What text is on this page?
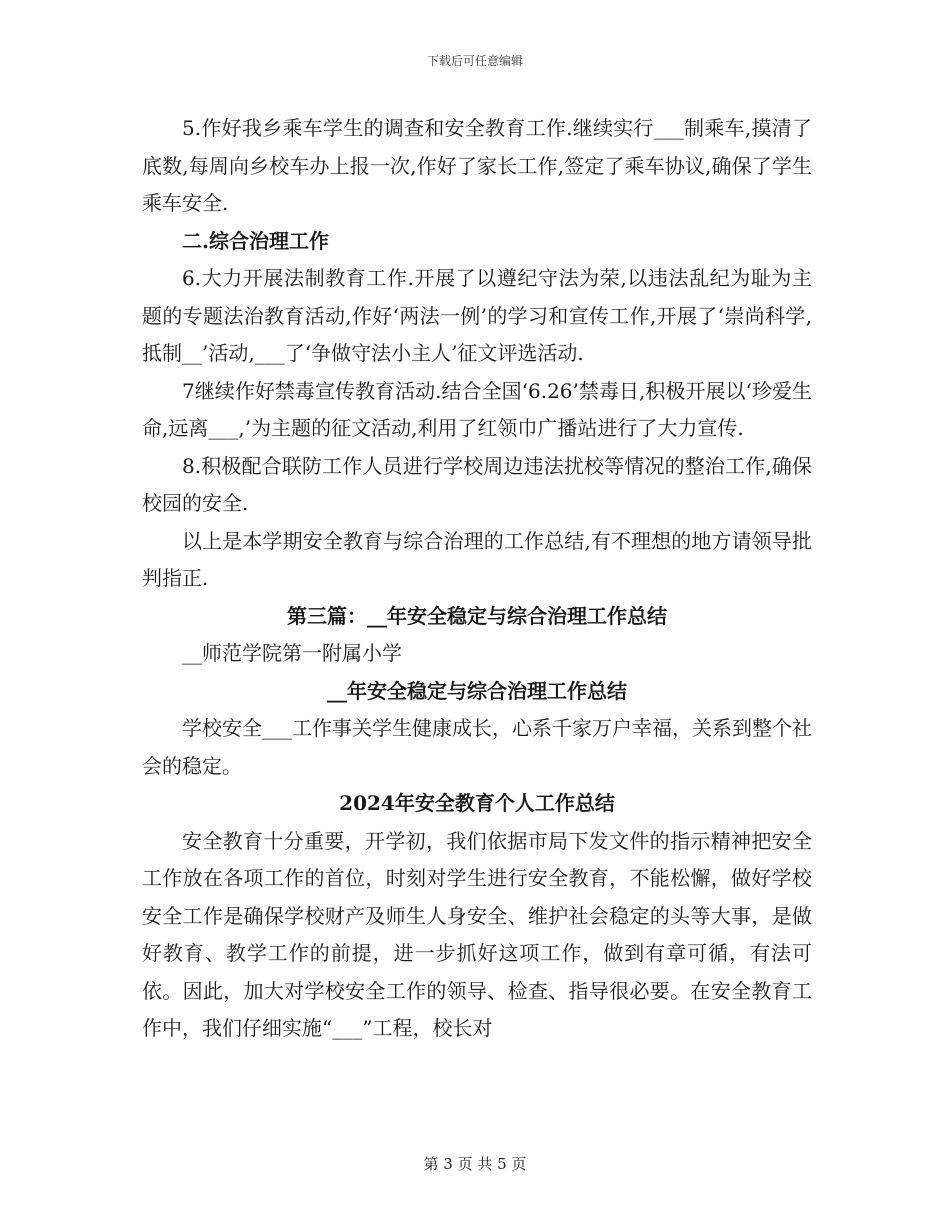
下载后可任意编辑

5.作好我乡乘车学生的调查和安全教育工作.继续实行___制乘车,摸清了底数,每周向乡校车办上报一次,作好了家长工作,签定了乘车协议,确保了学生乘车安全.

二.综合治理工作

6.大力开展法制教育工作.开展了以遵纪守法为荣,以违法乱纪为耻为主题的专题法治教育活动,作好‘两法一例’的学习和宣传工作,开展了‘崇尚科学,抵制__’活动,___了‘争做守法小主人’征文评选活动.

7继续作好禁毒宣传教育活动.结合全国‘6.26’禁毒日,积极开展以‘珍爱生命,远离___,’为主题的征文活动,利用了红领巾广播站进行了大力宣传.

8.积极配合联防工作人员进行学校周边违法扰校等情况的整治工作,确保校园的安全.

以上是本学期安全教育与综合治理的工作总结,有不理想的地方请领导批判指正.

第三篇：__年安全稳定与综合治理工作总结

__师范学院第一附属小学

__年安全稳定与综合治理工作总结

学校安全___工作事关学生健康成长，心系千家万户幸福，关系到整个社会的稳定。

2024年安全教育个人工作总结

安全教育十分重要，开学初，我们依据市局下发文件的指示精神把安全工作放在各项工作的首位，时刻对学生进行安全教育，不能松懈，做好学校安全工作是确保学校财产及师生人身安全、维护社会稳定的头等大事，是做好教育、教学工作的前提，进一步抓好这项工作，做到有章可循，有法可依。因此，加大对学校安全工作的领导、检查、指导很必要。在安全教育工作中，我们仔细实施“___”工程，校长对

第 3 页 共 5 页
